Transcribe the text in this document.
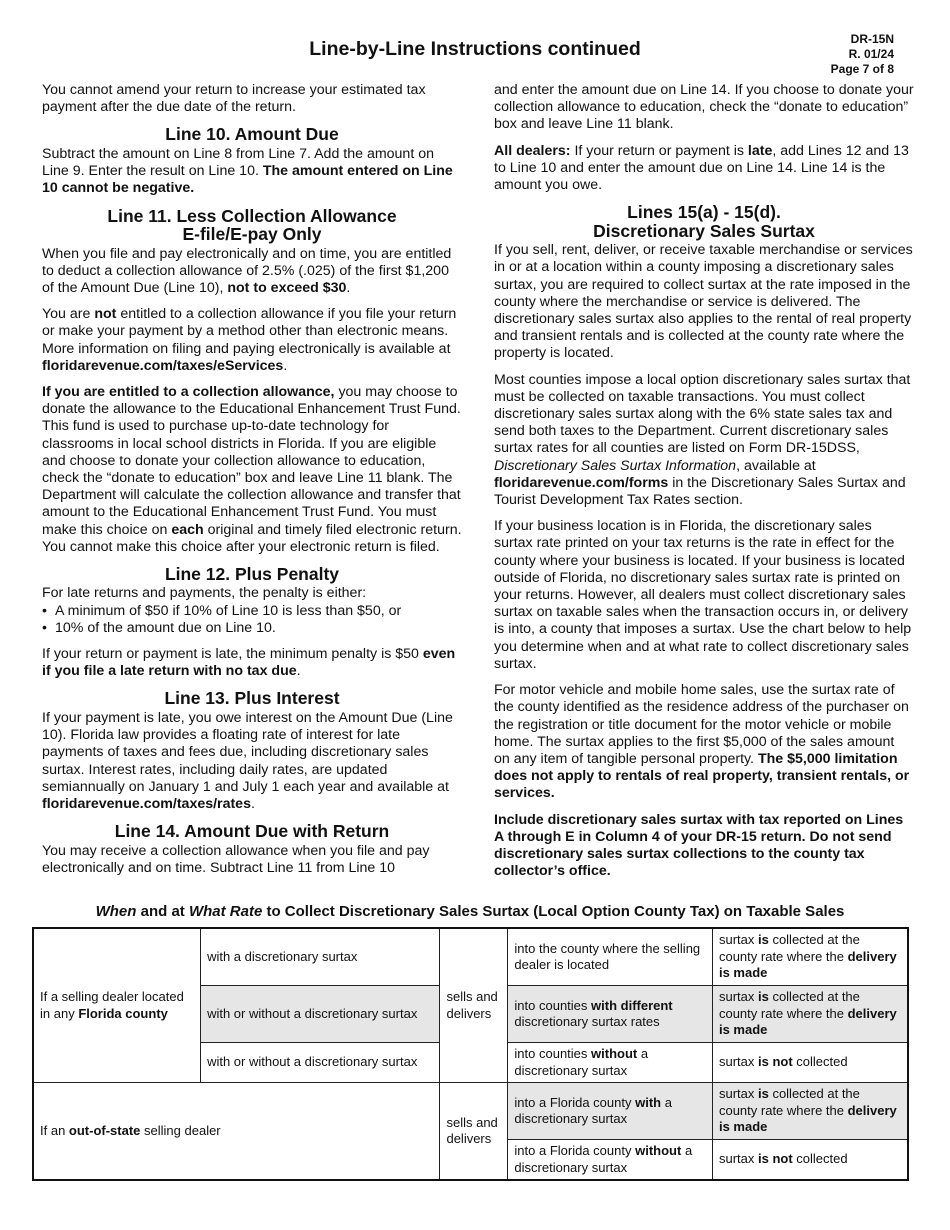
Line-by-Line Instructions continued	DR-15N
R. 01/24
Page 7 of 8

You cannot amend your return to increase your estimated tax payment after the due date of the return.

Line 10. Amount Due

Subtract the amount on Line 8 from Line 7. Add the amount on Line 9. Enter the result on Line 10. The amount entered on Line 10 cannot be negative.

Line 11. Less Collection Allowance
E-file/E-pay Only

When you file and pay electronically and on time, you are entitled to deduct a collection allowance of 2.5% (.025) of the first $1,200 of the Amount Due (Line 10), not to exceed $30.

You are not entitled to a collection allowance if you file your return or make your payment by a method other than electronic means. More information on filing and paying electronically is available at floridarevenue.com/taxes/eServices.

If you are entitled to a collection allowance, you may choose to donate the allowance to the Educational Enhancement Trust Fund. This fund is used to purchase up-to-date technology for classrooms in local school districts in Florida. If you are eligible and choose to donate your collection allowance to education, check the “donate to education” box and leave Line 11 blank. The Department will calculate the collection allowance and transfer that amount to the Educational Enhancement Trust Fund. You must make this choice on each original and timely filed electronic return. You cannot make this choice after your electronic return is filed.

Line 12. Plus Penalty
For late returns and payments, the penalty is either:
• A minimum of $50 if 10% of Line 10 is less than $50, or
• 10% of the amount due on Line 10.

If your return or payment is late, the minimum penalty is $50 even if you file a late return with no tax due.

Line 13. Plus Interest

If your payment is late, you owe interest on the Amount Due (Line 10). Florida law provides a floating rate of interest for late payments of taxes and fees due, including discretionary sales surtax. Interest rates, including daily rates, are updated semiannually on January 1 and July 1 each year and available at floridarevenue.com/taxes/rates.

Line 14. Amount Due with Return

You may receive a collection allowance when you file and pay electronically and on time. Subtract Line 11 from Line 10

and enter the amount due on Line 14. If you choose to donate your collection allowance to education, check the “donate to education” box and leave Line 11 blank.

All dealers: If your return or payment is late, add Lines 12 and 13 to Line 10 and enter the amount due on Line 14. Line 14 is the amount you owe.

Lines 15(a) - 15(d).
Discretionary Sales Surtax

If you sell, rent, deliver, or receive taxable merchandise or services in or at a location within a county imposing a discretionary sales surtax, you are required to collect surtax at the rate imposed in the county where the merchandise or service is delivered. The discretionary sales surtax also applies to the rental of real property and transient rentals and is collected at the county rate where the property is located.

Most counties impose a local option discretionary sales surtax that must be collected on taxable transactions. You must collect discretionary sales surtax along with the 6% state sales tax and send both taxes to the Department. Current discretionary sales surtax rates for all counties are listed on Form DR-15DSS, Discretionary Sales Surtax Information, available at floridarevenue.com/forms in the Discretionary Sales Surtax and Tourist Development Tax Rates section.

If your business location is in Florida, the discretionary sales surtax rate printed on your tax returns is the rate in effect for the county where your business is located. If your business is located outside of Florida, no discretionary sales surtax rate is printed on your returns. However, all dealers must collect discretionary sales surtax on taxable sales when the transaction occurs in, or delivery is into, a county that imposes a surtax. Use the chart below to help you determine when and at what rate to collect discretionary sales surtax.

For motor vehicle and mobile home sales, use the surtax rate of the county identified as the residence address of the purchaser on the registration or title document for the motor vehicle or mobile home. The surtax applies to the first $5,000 of the sales amount on any item of tangible personal property. The $5,000 limitation does not apply to rentals of real property, transient rentals, or services.

Include discretionary sales surtax with tax reported on Lines A through E in Column 4 of your DR-15 return. Do not send discretionary sales surtax collections to the county tax collector’s office.

When and at What Rate to Collect Discretionary Sales Surtax (Local Option County Tax) on Taxable Sales
If a selling dealer located in any Florida county	with a discretionary surtax	sells and delivers	into the county where the selling dealer is located	surtax is collected at the county rate where the delivery is made
	with or without a discretionary surtax		into counties with different discretionary surtax rates	surtax is collected at the county rate where the delivery is made
	with or without a discretionary surtax		into counties without a discretionary surtax	surtax is not collected
If an out-of-state selling dealer		sells and delivers	into a Florida county with a discretionary surtax	surtax is collected at the county rate where the delivery is made
			into a Florida county without a discretionary surtax	surtax is not collected
